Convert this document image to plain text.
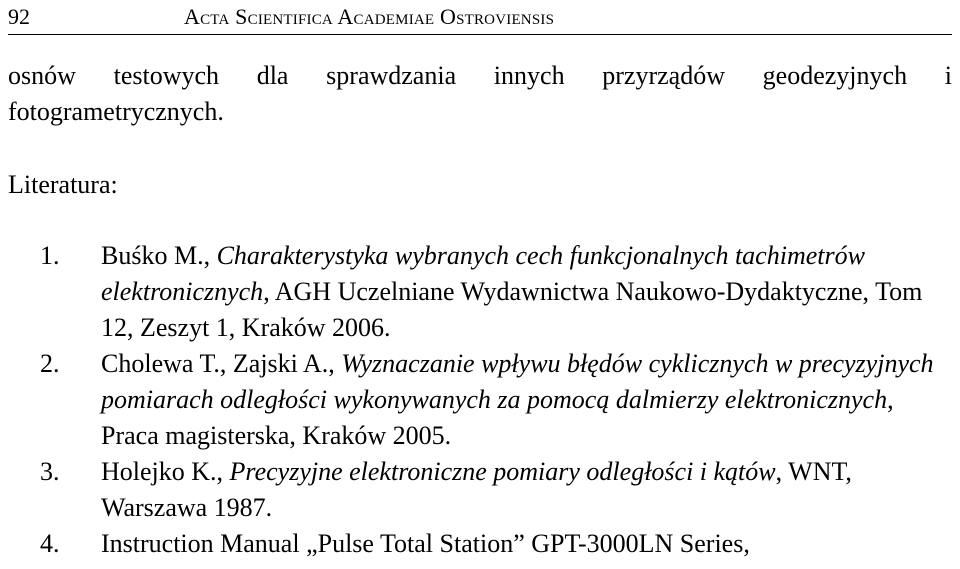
92	Acta Scientifica Academiae Ostroviensis

osnów testowych dla sprawdzania innych przyrządów geodezyjnych i
fotogrametrycznych.

Literatura:
1. Buśko M., Charakterystyka wybranych cech funkcjonalnych tachimetrów elektronicznych, AGH Uczelniane Wydawnictwa Naukowo-Dydaktyczne, Tom 12, Zeszyt 1, Kraków 2006.
2. Cholewa T., Zajski A., Wyznaczanie wpływu błędów cyklicznych w precyzyjnych pomiarach odległości wykonywanych za pomocą dalmierzy elektronicznych, Praca magisterska, Kraków 2005.
3. Holejko K., Precyzyjne elektroniczne pomiary odległości i kątów, WNT, Warszawa 1987.
4. Instruction Manual „Pulse Total Station” GPT-3000LN Series,
